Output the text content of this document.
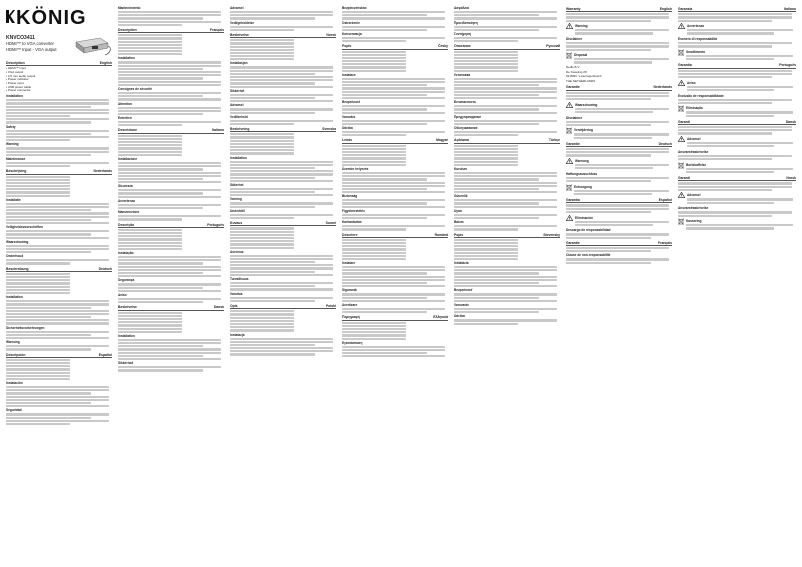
KÖNIG
KNVCO3411
HDMI™ to VGA converter
HDMI™ Input - VGA output
Description	English
• HDMI™ input
• VGA output
• 3.5 mm audio output
• Power indicator
• Power input
• USB power cable
• Power connector
Installation
Safety
Warning
Maintenance
Beschrijving	Nederlands
Installatie
Veiligheidsvoorschriften
Waarschuwing
Onderhoud
Beschreibung	Deutsch
Installation
Sicherheitsvorkehrungen
Warnung
Descripción	Español
Instalación
Seguridad
Mantenimiento
Description	Français
Installation
Consignes de sécurité
Attention
Entretien
Descrizione	Italiano
Installazione
Sicurezza
Avvertenza
Manutenzione
Descrição	Português
Instalação
Segurança
Aviso
Beskrivelse	Dansk
Installation
Sikkerhed
Advarsel
Vedligeholdelse
Beskrivelse	Norsk
Installasjon
Sikkerhet
Advarsel
Vedlikehold
Beskrivning	Svenska
Installation
Säkerhet
Varning
Underhåll
Kuvaus	Suomi
Asennus
Turvallisuus
Varoitus
Opis	Polski
Instalacja
Bezpieczeństwo
Ostrzeżenie
Konserwacja
Popis	Česky
Instalace
Bezpečnost
Varování
Údržba
Leírás	Magyar
Üzembe helyezés
Biztonság
Figyelmeztetés
Karbantartás
Descriere	Română
Instalare
Siguranță
Avertizare
Περιγραφή	Ελληνικά
Εγκατάσταση
Ασφάλεια
Προειδοποίηση
Συντήρηση
Описание	Русский
Установка
Безопасность
Предупреждение
Обслуживание
Açıklama	Türkçe
Kurulum
Güvenlik
Uyarı
Bakım
Popis	Slovensky
Inštalácia
Bezpečnosť
Varovanie
Údržba
Warranty	English
Warning
Disclaimer
Disposal
Nedis B.V.
De Tweeling 28
5215MC 's-Hertogenbosch
THE NETHERLANDS
Garantie	Nederlands
Waarschuwing
Disclaimer
Verwijdering
Garantie	Deutsch
Warnung
Haftungsausschluss
Entsorgung
Garantía	Español
Eliminación
Descargo de responsabilidad
Garantie	Français
Clause de non-responsabilité
Garanzia	Italiano
Avvertenza
Esonero di responsabilità
Smaltimento
Garantia	Português
Aviso
Exclusão de responsabilidade
Eliminação
Garanti	Dansk
Advarsel
Ansvarsfraskrivelse
Bortskaffelse
Garanti	Norsk
Advarsel
Ansvarsfraskrivelse
Kassering
